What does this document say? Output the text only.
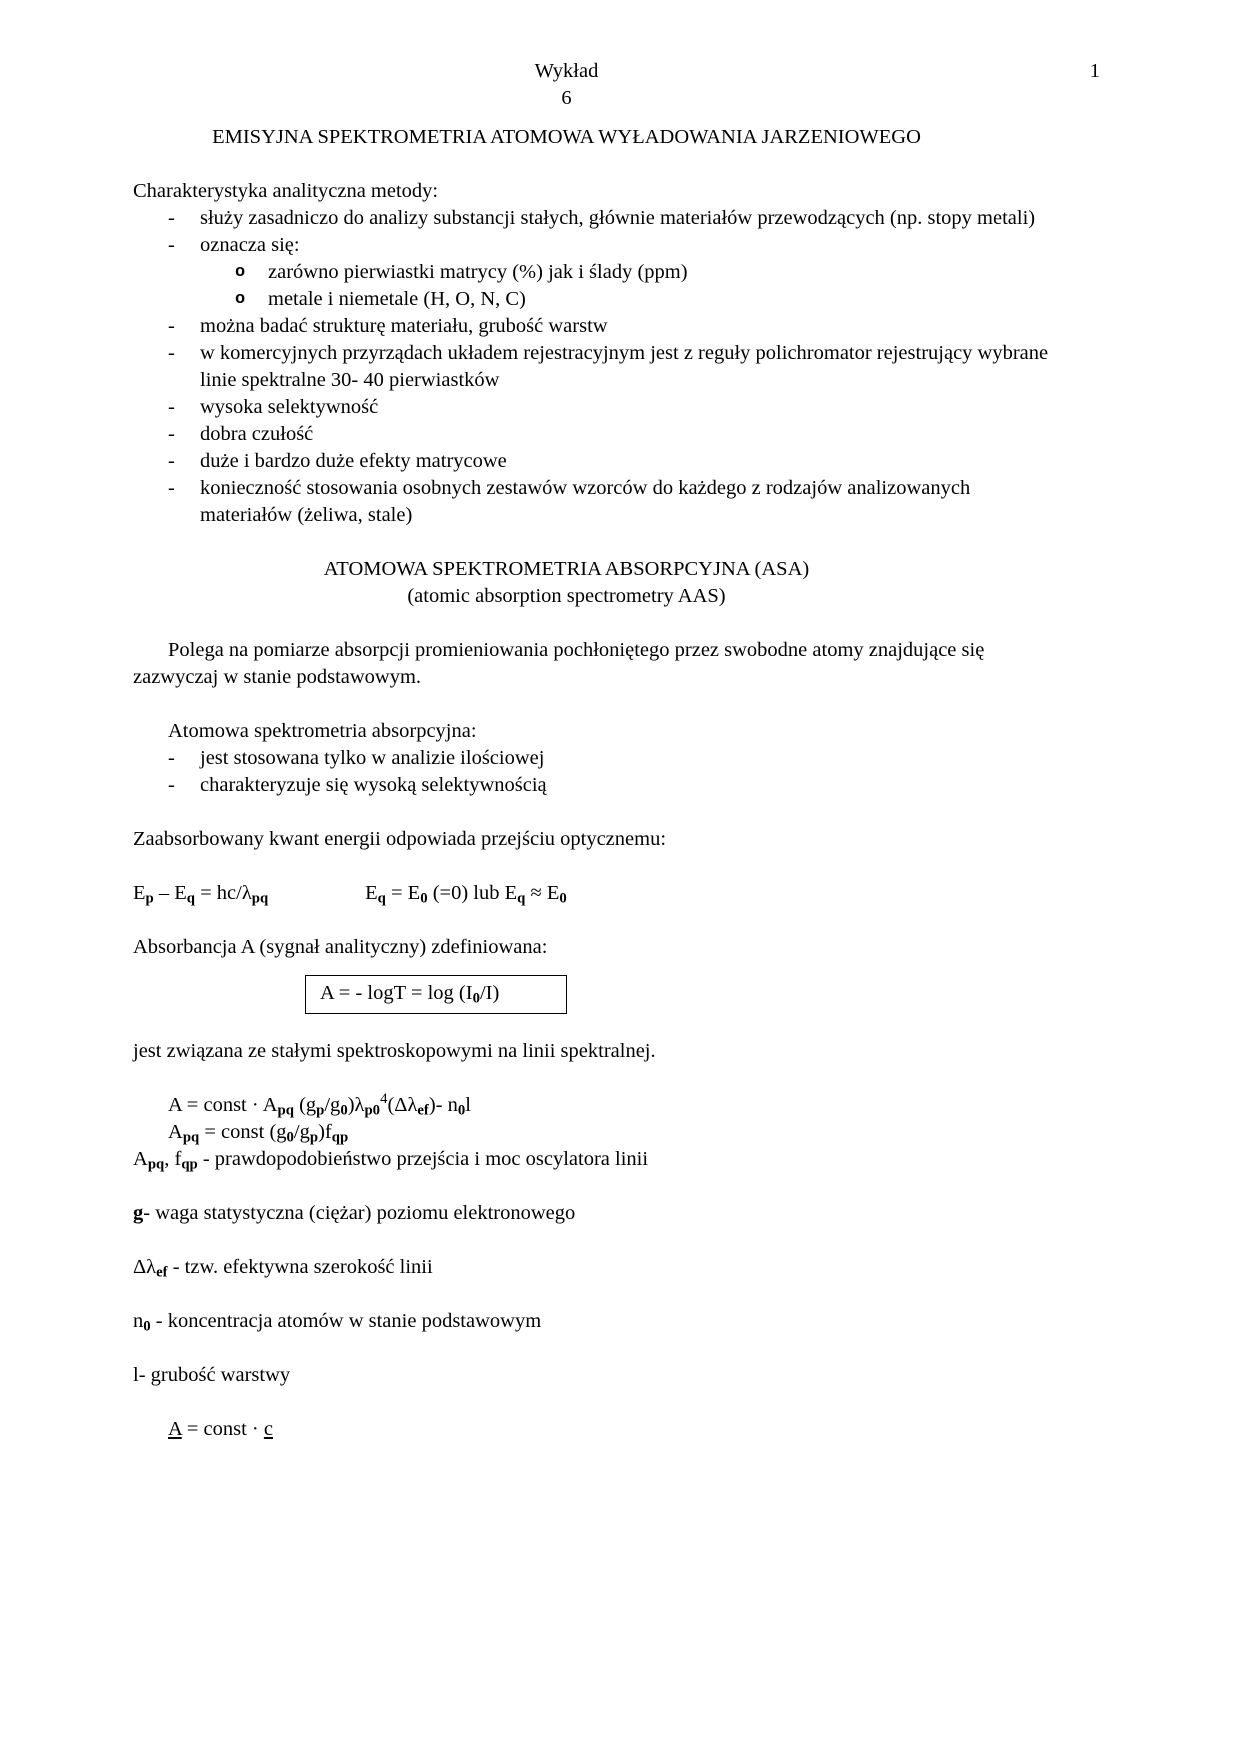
Wykład	1
6

EMISYJNA SPEKTROMETRIA ATOMOWA WYŁADOWANIA JARZENIOWEGO

Charakterystyka analityczna metody:

-	służy zasadniczo do analizy substancji stałych, głównie materiałów przewodzących (np. stopy metali)
-	oznacza się:
o	zarówno pierwiastki matrycy (%) jak i ślady (ppm)
o	metale i niemetale (H, O, N, C)
-	można badać strukturę materiału, grubość warstw
-	w komercyjnych przyrządach układem rejestracyjnym jest z reguły polichromator rejestrujący wybrane linie spektralne 30- 40 pierwiastków
-	wysoka selektywność
-	dobra czułość
-	duże i bardzo duże efekty matrycowe
-	konieczność stosowania osobnych zestawów wzorców do każdego z rodzajów analizowanych materiałów (żeliwa, stale)

ATOMOWA SPEKTROMETRIA ABSORPCYJNA (ASA)

(atomic absorption spectrometry AAS)

Polega na pomiarze absorpcji promieniowania pochłoniętego przez swobodne atomy znajdujące się zazwyczaj w stanie podstawowym.

Atomowa spektrometria absorpcyjna:

-	jest stosowana tylko w analizie ilościowej
-	charakteryzuje się wysoką selektywnością

Zaabsorbowany kwant energii odpowiada przejściu optycznemu:

$E_p - E_q = hc/\lambda_{pq}$	$E_q = E_0$ (=0) lub $E_q \approx E_0$

Absorbancja A (sygnał analityczny) zdefiniowana:

A = - $\log T = \log (I_0/I)$

jest związana ze stałymi spektroskopowymi na linii spektralnej.

A = const · $A_{pq}$ $(g_p/g_0)\lambda_{p0}^4(\Delta\lambda_{ef})-$ $n_0l$

$A_{pq}$ = const $(g_0/g_p)f_{qp}$

$A_{pq}$, $f_{qp}$ - prawdopodobieństwo przejścia i moc oscylatora linii

g- waga statystyczna (ciężar) poziomu elektronowego

$\Delta\lambda_{ef}$ - tzw. efektywna szerokość linii

$n_0$ - koncentracja atomów w stanie podstawowym

l- grubość warstwy

A = const · c
